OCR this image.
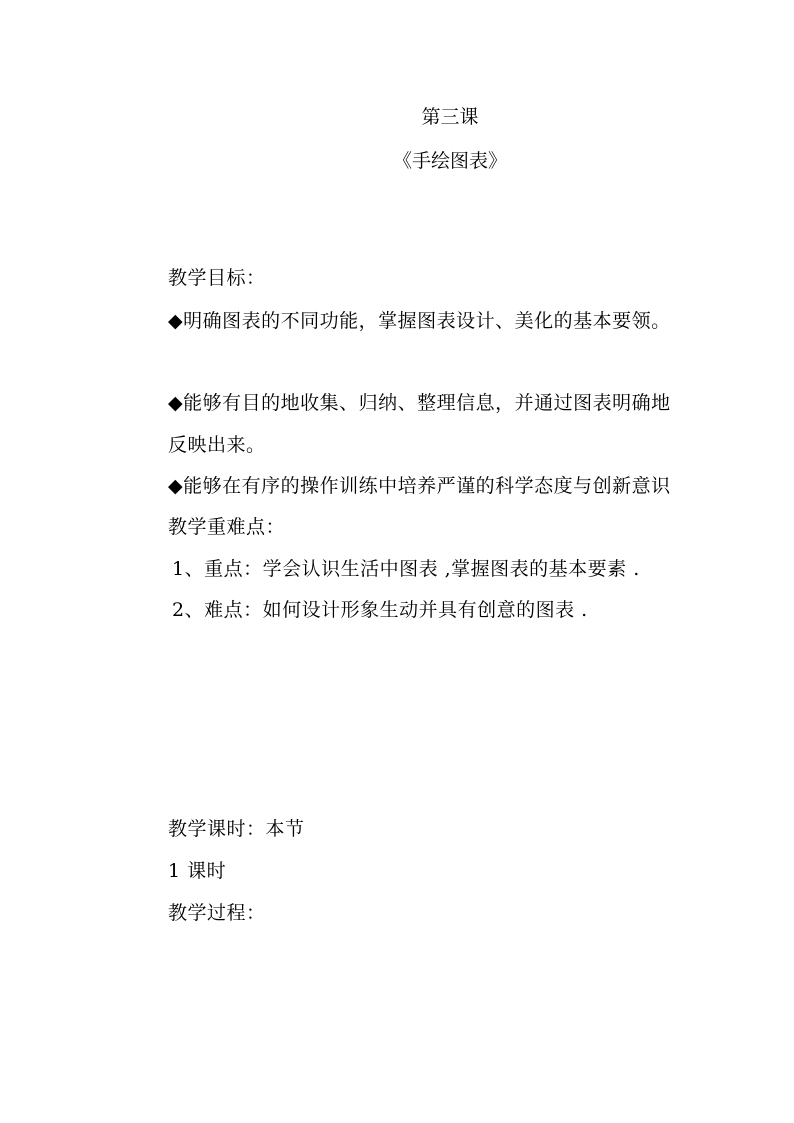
第三课
《手绘图表》
教学目标：
◆明确图表的不同功能，掌握图表设计、美化的基本要领。
◆能够有目的地收集、归纳、整理信息，并通过图表明确地
反映出来。
◆能够在有序的操作训练中培养严谨的科学态度与创新意识
教学重难点：
1、重点：学会认识生活中图表 ,掌握图表的基本要素 .
2、难点：如何设计形象生动并具有创意的图表 .
教学课时：本节
1 课时
教学过程：
